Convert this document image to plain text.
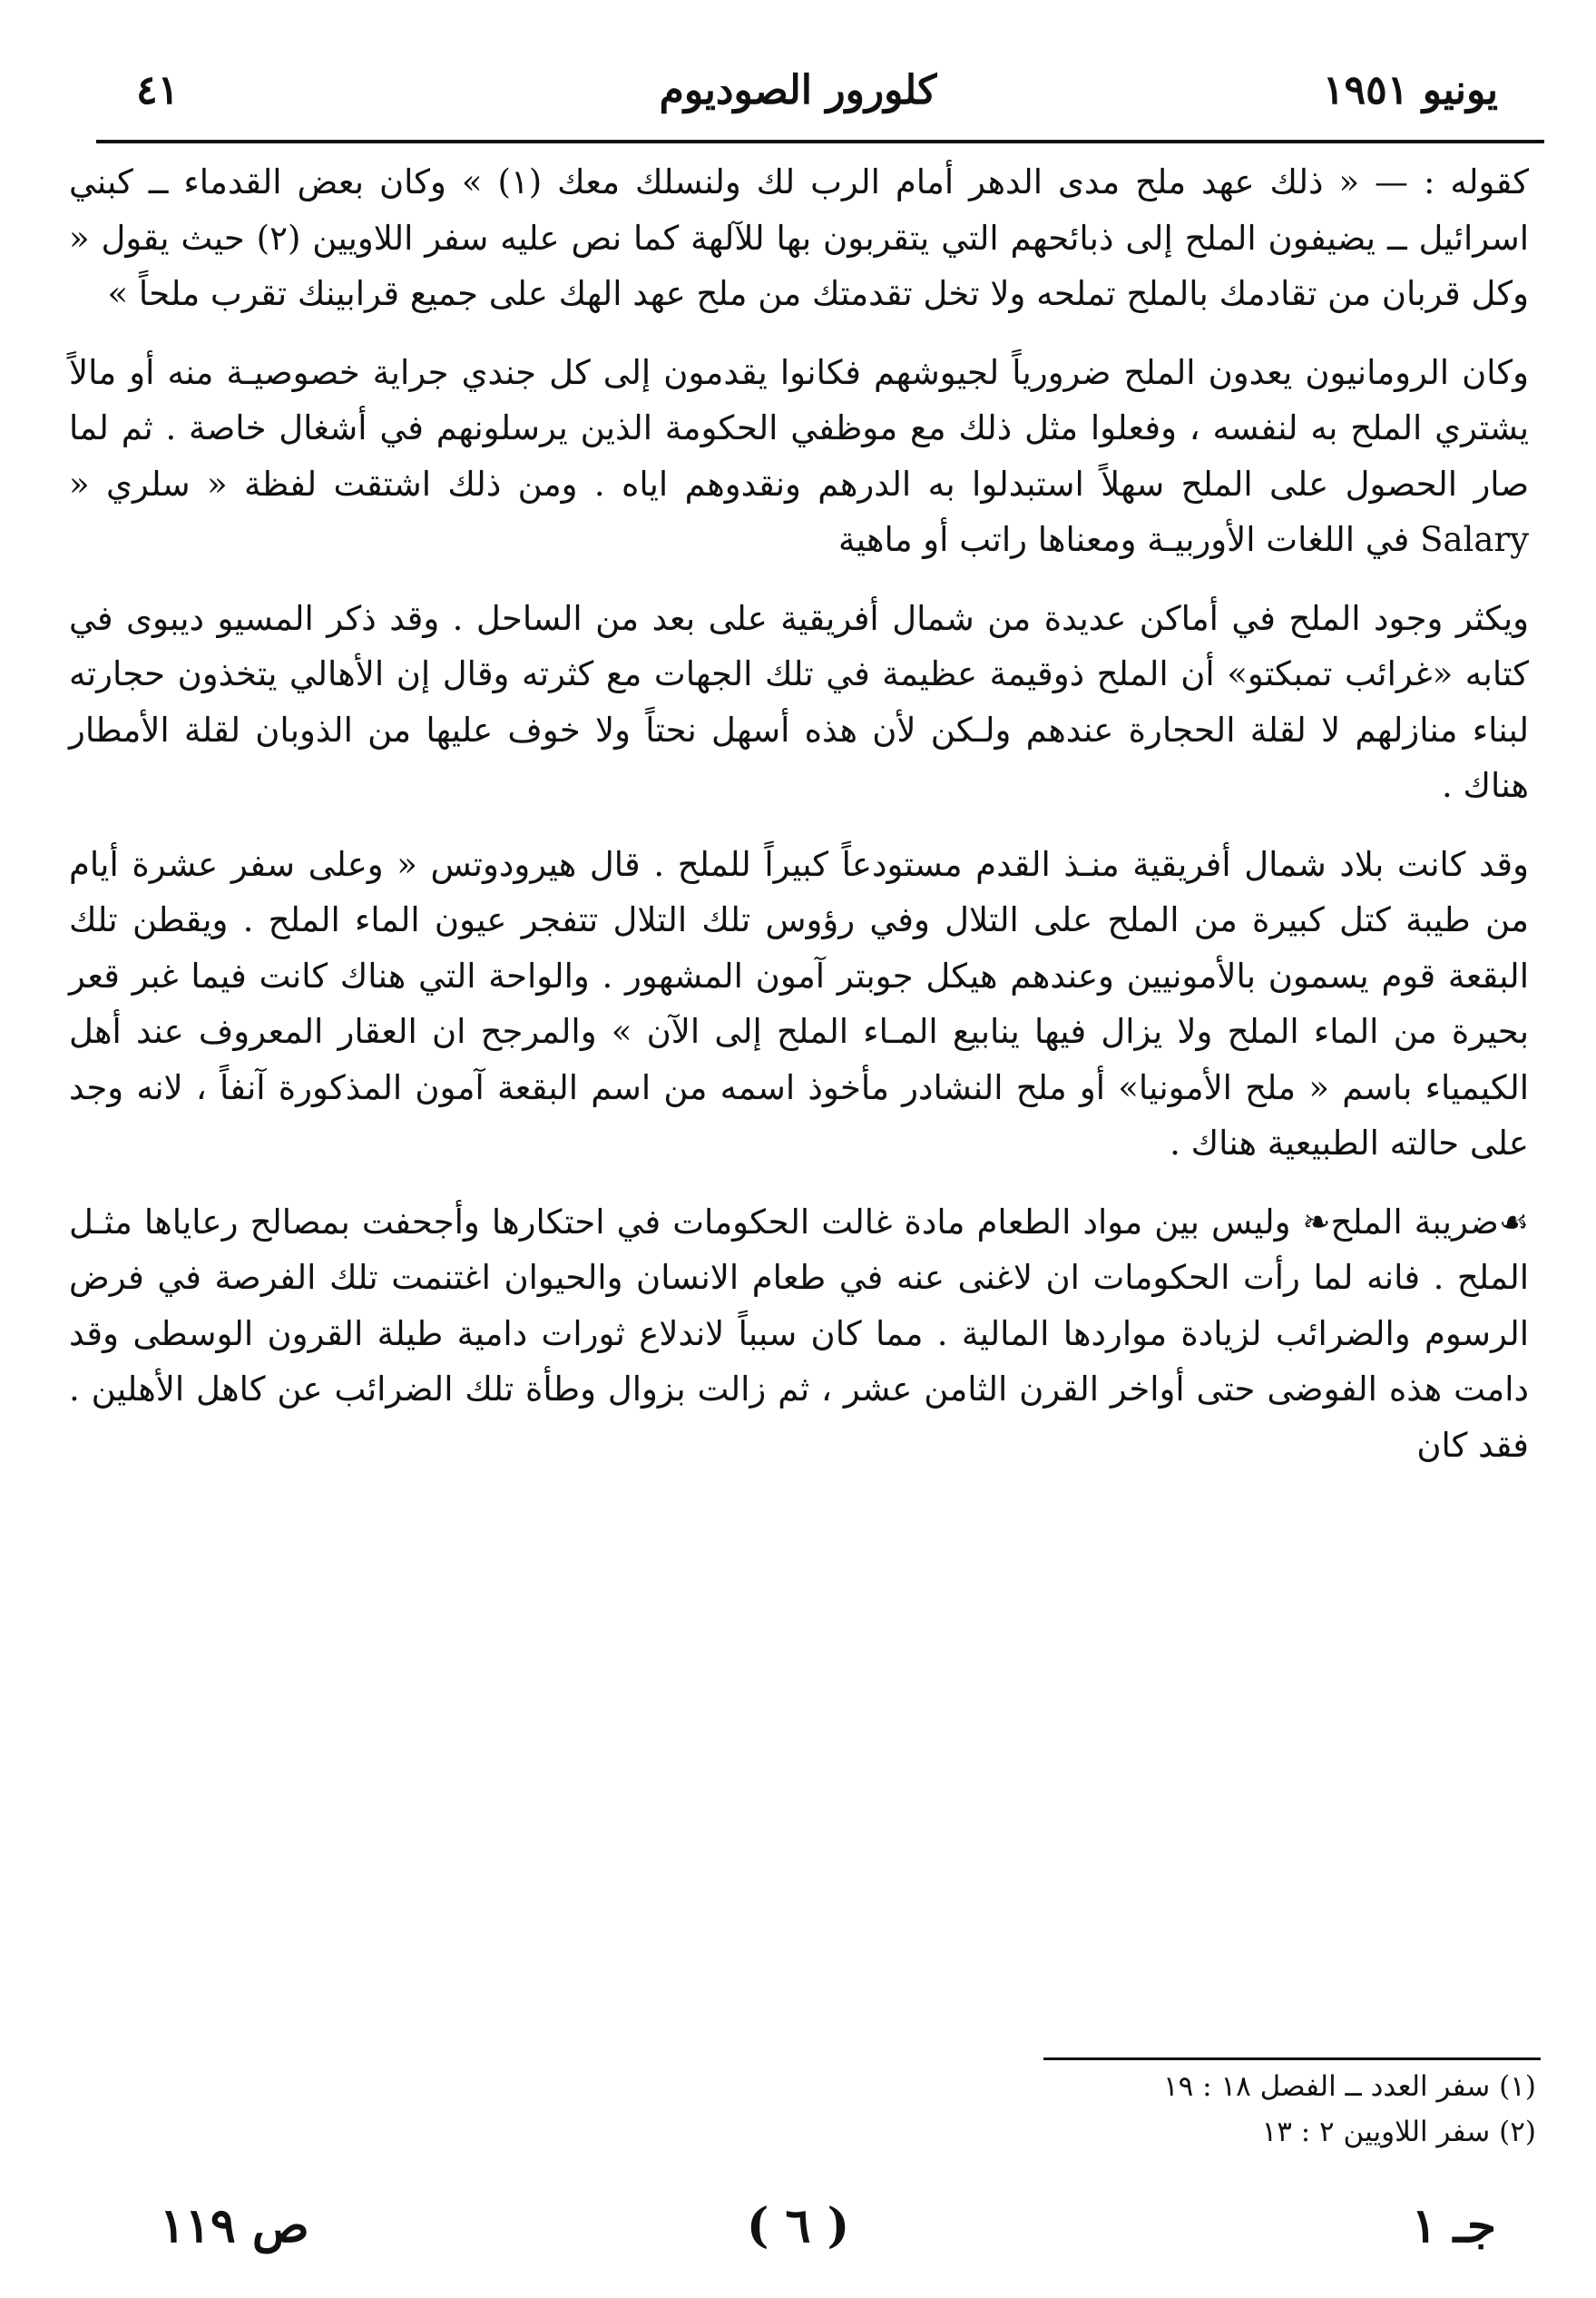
يونيو ١٩٥١
كلورور الصوديوم
٤١

كقوله : — « ذلك عهد ملح مدى الدهر أمام الرب لك ولنسلك معك (١) » وكان بعض القدماء ــ كبني اسرائيل ــ يضيفون الملح إلى ذبائحهم التي يتقربون بها للآلهة كما نص عليه سفر اللاويين (٢) حيث يقول « وكل قربان من تقادمك بالملح تملحه ولا تخل تقدمتك من ملح عهد الهك على جميع قرابينك تقرب ملحاً »

وكان الرومانيون يعدون الملح ضرورياً لجيوشهم فكانوا يقدمون إلى كل جندي جراية خصوصيـة منه أو مالاً يشتري الملح به لنفسه ، وفعلوا مثل ذلك مع موظفي الحكومة الذين يرسلونهم في أشغال خاصة . ثم لما صار الحصول على الملح سهلاً استبدلوا به الدرهم ونقدوهم اياه . ومن ذلك اشتقت لفظة « سلري « Salary في اللغات الأوربيـة ومعناها راتب أو ماهية

ويكثر وجود الملح في أماكن عديدة من شمال أفريقية على بعد من الساحل . وقد ذكر المسيو ديبوى في كتابه «غرائب تمبكتو» أن الملح ذوقيمة عظيمة في تلك الجهات مع كثرته وقال إن الأهالي يتخذون حجارته لبناء منازلهم لا لقلة الحجارة عندهم ولـكن لأن هذه أسهل نحتاً ولا خوف عليها من الذوبان لقلة الأمطار هناك .

وقد كانت بلاد شمال أفريقية منـذ القدم مستودعاً كبيراً للملح . قال هيرودوتس « وعلى سفر عشرة أيام من طيبة كتل كبيرة من الملح على التلال وفي رؤوس تلك التلال تتفجر عيون الماء الملح . ويقطن تلك البقعة قوم يسمون بالأمونيين وعندهم هيكل جوبتر آمون المشهور . والواحة التي هناك كانت فيما غبر قعر بحيرة من الماء الملح ولا يزال فيها ينابيع المـاء الملح إلى الآن » والمرجح ان العقار المعروف عند أهل الكيمياء باسم « ملح الأمونيا» أو ملح النشادر مأخوذ اسمه من اسم البقعة آمون المذكورة آنفاً ، لانه وجد على حالته الطبيعية هناك .

☙ضريبة الملح❧ وليس بين مواد الطعام مادة غالت الحكومات في احتكارها وأجحفت بمصالح رعاياها مثـل الملح . فانه لما رأت الحكومات ان لاغنى عنه في طعام الانسان والحيوان اغتنمت تلك الفرصة في فرض الرسوم والضرائب لزيادة مواردها المالية . مما كان سبباً لاندلاع ثورات دامية طيلة القرون الوسطى وقد دامت هذه الفوضى حتى أواخر القرن الثامن عشر ، ثم زالت بزوال وطأة تلك الضرائب عن كاهل الأهلين . فقد كان

(١) سفر العدد ــ الفصل ١٨ : ١٩
(٢) سفر اللاويين ٢ : ١٣
جـ ١
( ٦ )
ص ١١٩
